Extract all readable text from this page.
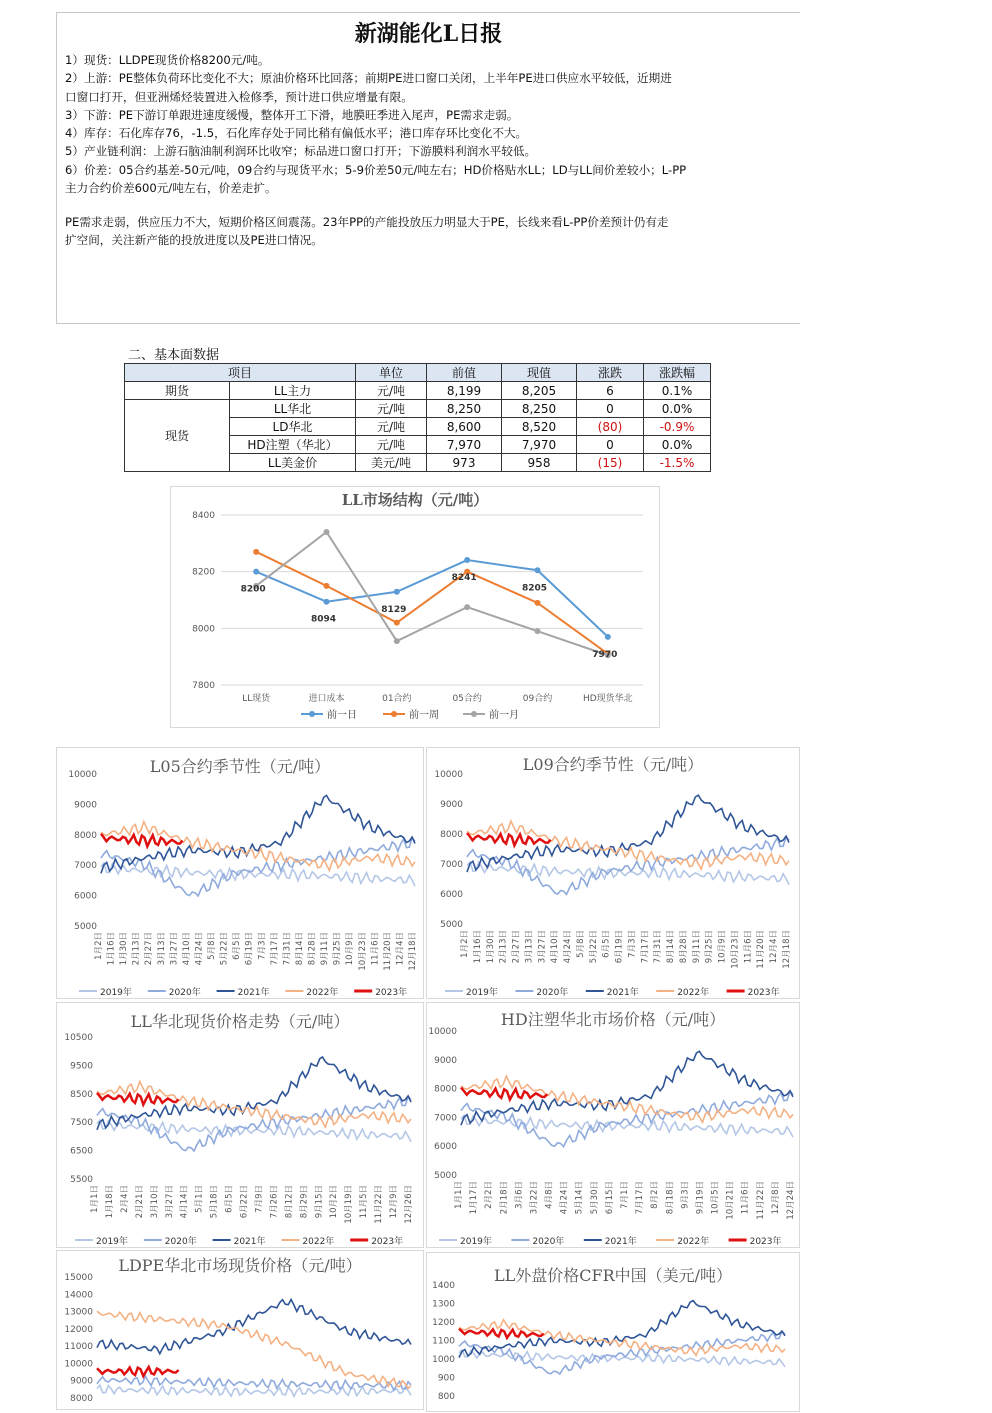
新湖能化L日报
1）现货：LLDPE现货价格8200元/吨。
2）上游：PE整体负荷环比变化不大；原油价格环比回落；前期PE进口窗口关闭，上半年PE进口供应水平较低，近期进
口窗口打开，但亚洲烯烃装置进入检修季，预计进口供应增量有限。
3）下游：PE下游订单跟进速度缓慢，整体开工下滑，地膜旺季进入尾声，PE需求走弱。
4）库存：石化库存76，-1.5，石化库存处于同比稍有偏低水平；港口库存环比变化不大。
5）产业链利润：上游石脑油制利润环比收窄；标品进口窗口打开；下游膜料利润水平较低。
6）价差：05合约基差-50元/吨，09合约与现货平水；5-9价差50元/吨左右；HD价格贴水LL；LD与LL间价差较小；L-PP
主力合约价差600元/吨左右，价差走扩。
PE需求走弱，供应压力不大，短期价格区间震荡。23年PP的产能投放压力明显大于PE，长线来看L-PP价差预计仍有走
扩空间，关注新产能的投放进度以及PE进口情况。
二、基本面数据
项目		单位	前值	现值	涨跌	涨跌幅
期货	LL主力	元/吨	8,199	8,205	6	0.1%
现货	LL华北	元/吨	8,250	8,250	0	0.0%
	LD华北	元/吨	8,600	8,520	(80)	-0.9%
	HD注塑（华北）	元/吨	7,970	7,970	0	0.0%
	LL美金价	美元/吨	973	958	(15)	-1.5%
LL市场结构（元/吨）
7800
8000
8200
8400
LL现货	进口成本	01合约	05合约	09合约	HD现货华北
8200
8094
8129
8241
8205
7970
前一日	前一周	前一月
L05合约季节性（元/吨）
10000
9000
8000
7000
6000
5000
1月2日 1月16日 1月30日 2月13日 2月27日 3月13日 3月27日 4月10日 4月24日 5月8日 5月22日 6月5日 6月19日 7月3日 7月17日 7月31日 8月14日 8月28日 9月11日 9月25日 10月9日 10月23日 11月6日 11月20日 12月4日 12月18日
2019年	2020年	2021年	2022年	2023年
L09合约季节性（元/吨）
10000
9000
8000
7000
6000
5000
1月2日 1月16日 1月30日 2月13日 2月27日 3月13日 3月27日 4月10日 4月24日 5月8日 5月22日 6月5日 6月19日 7月3日 7月17日 7月31日 8月14日 8月28日 9月11日 9月25日 10月9日 10月23日 11月6日 11月20日 12月4日 12月18日
2019年	2020年	2021年	2022年	2023年
LL华北现货价格走势（元/吨）
10500
9500
8500
7500
6500
5500
1月1日 1月18日 2月4日 2月21日 3月10日 3月27日 4月14日 5月1日 5月18日 6月5日 6月22日 7月9日 7月26日 8月12日 8月29日 9月15日 10月2日 10月19日 11月5日 11月22日 12月9日 12月26日
2019年	2020年	2021年	2022年	2023年
HD注塑华北市场价格（元/吨）
10000
9000
8000
7000
6000
5000
1月1日 1月17日 2月2日 2月18日 3月6日 3月22日 4月8日 4月24日 5月14日 5月30日 6月15日 7月1日 7月17日 8月2日 8月18日 9月3日 9月19日 10月5日 10月21日 11月6日 11月22日 12月8日 12月24日
2019年	2020年	2021年	2022年	2023年
LDPE华北市场现货价格（元/吨）
15000
14000
13000
12000
11000
10000
9000
8000
LL外盘价格CFR中国（美元/吨）
1400
1300
1200
1100
1000
900
800
